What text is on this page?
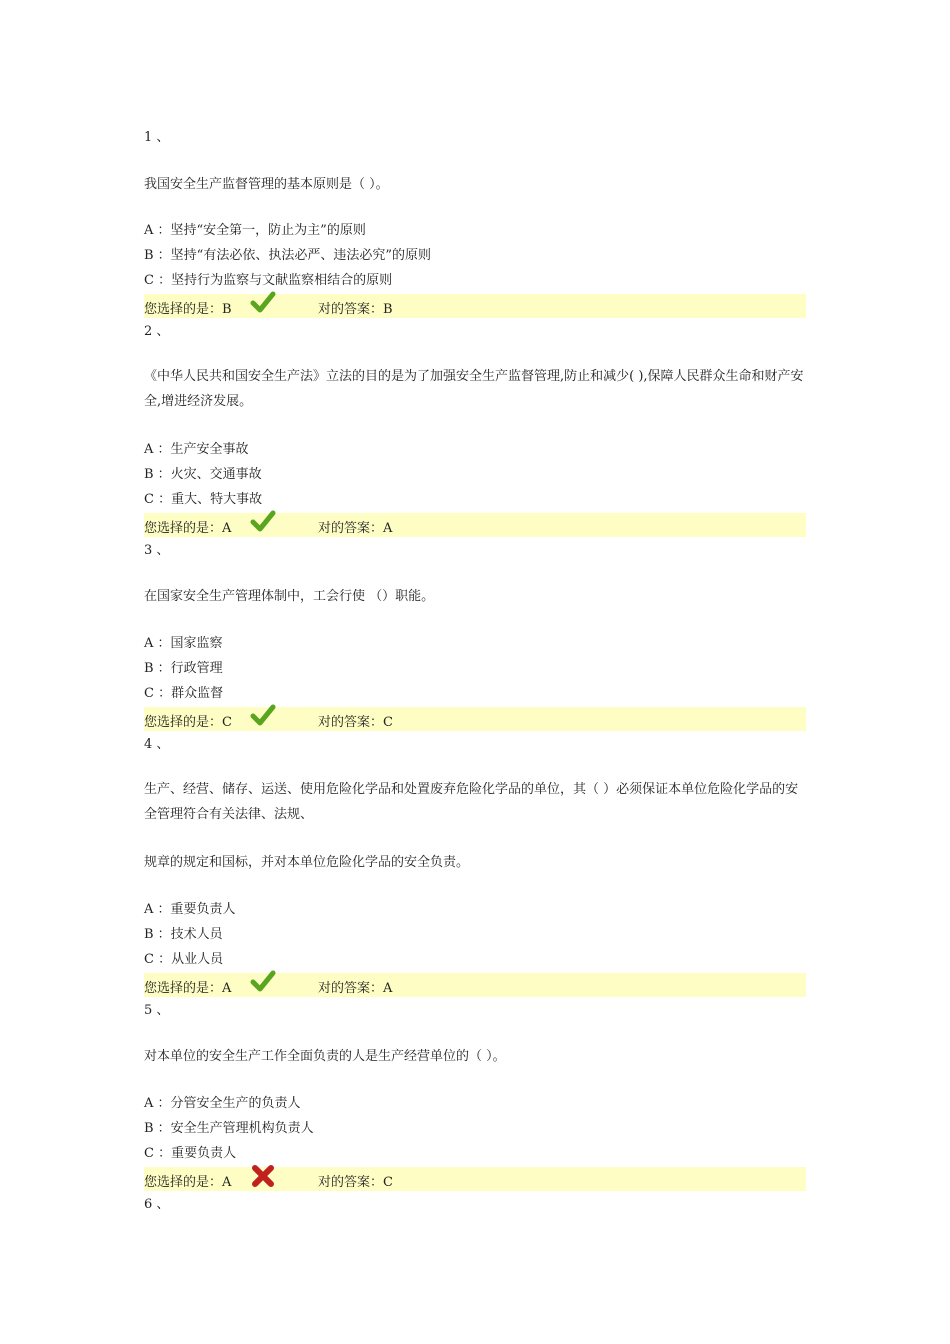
1 、
我国安全生产监督管理的基本原则是（ ）。
A ：坚持“安全第一，防止为主”的原则
B ：坚持“有法必依、执法必严、违法必究”的原则
C ：坚持行为监察与文献监察相结合的原则
您选择的是：B	对的答案：B
2 、
《中华人民共和国安全生产法》立法的目的是为了加强安全生产监督管理,防止和减少( ),保障人民群众生命和财产安全,增进经济发展。
A ：生产安全事故
B ：火灾、交通事故
C ：重大、特大事故
您选择的是：A	对的答案：A
3 、
在国家安全生产管理体制中，工会行使 （）职能。
A ：国家监察
B ：行政管理
C ：群众监督
您选择的是：C	对的答案：C
4 、
生产、经营、储存、运送、使用危险化学品和处置废弃危险化学品的单位，其（ ）必须保证本单位危险化学品的安全管理符合有关法律、法规、
规章的规定和国标，并对本单位危险化学品的安全负责。
A ：重要负责人
B ：技术人员
C ：从业人员
您选择的是：A	对的答案：A
5 、
对本单位的安全生产工作全面负责的人是生产经营单位的（ ）。
A ：分管安全生产的负责人
B ：安全生产管理机构负责人
C ：重要负责人
您选择的是：A	对的答案：C
6 、
